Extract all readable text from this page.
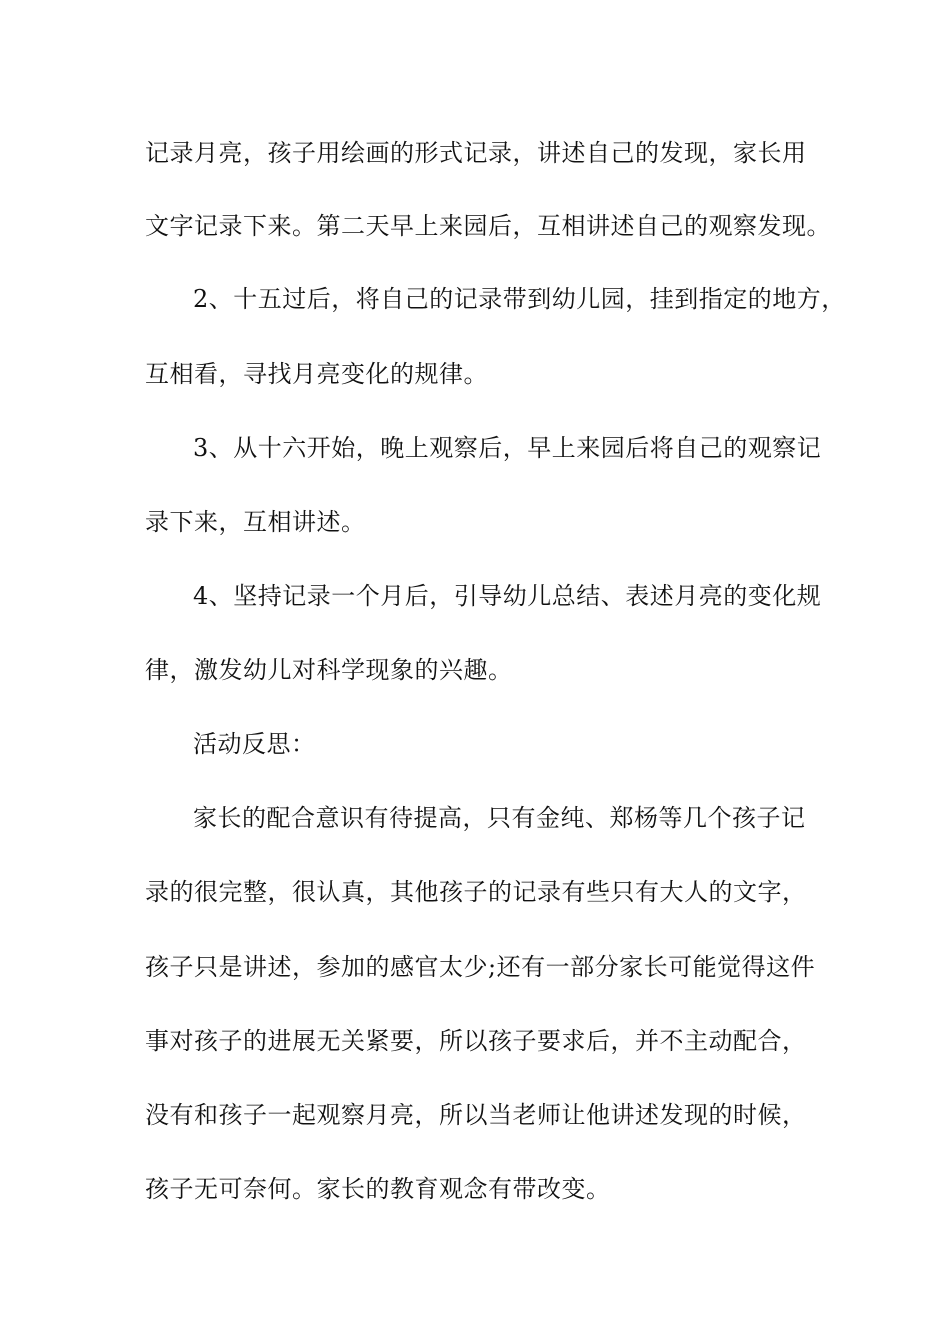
记录月亮，孩子用绘画的形式记录，讲述自己的发现，家长用
文字记录下来。第二天早上来园后，互相讲述自己的观察发现。
2、十五过后，将自己的记录带到幼儿园，挂到指定的地方，
互相看，寻找月亮变化的规律。
3、从十六开始，晚上观察后，早上来园后将自己的观察记
录下来，互相讲述。
4、坚持记录一个月后，引导幼儿总结、表述月亮的变化规
律，激发幼儿对科学现象的兴趣。
活动反思：
家长的配合意识有待提高，只有金纯、郑杨等几个孩子记
录的很完整，很认真，其他孩子的记录有些只有大人的文字，
孩子只是讲述，参加的感官太少;还有一部分家长可能觉得这件
事对孩子的进展无关紧要，所以孩子要求后，并不主动配合，
没有和孩子一起观察月亮，所以当老师让他讲述发现的时候，
孩子无可奈何。家长的教育观念有带改变。
